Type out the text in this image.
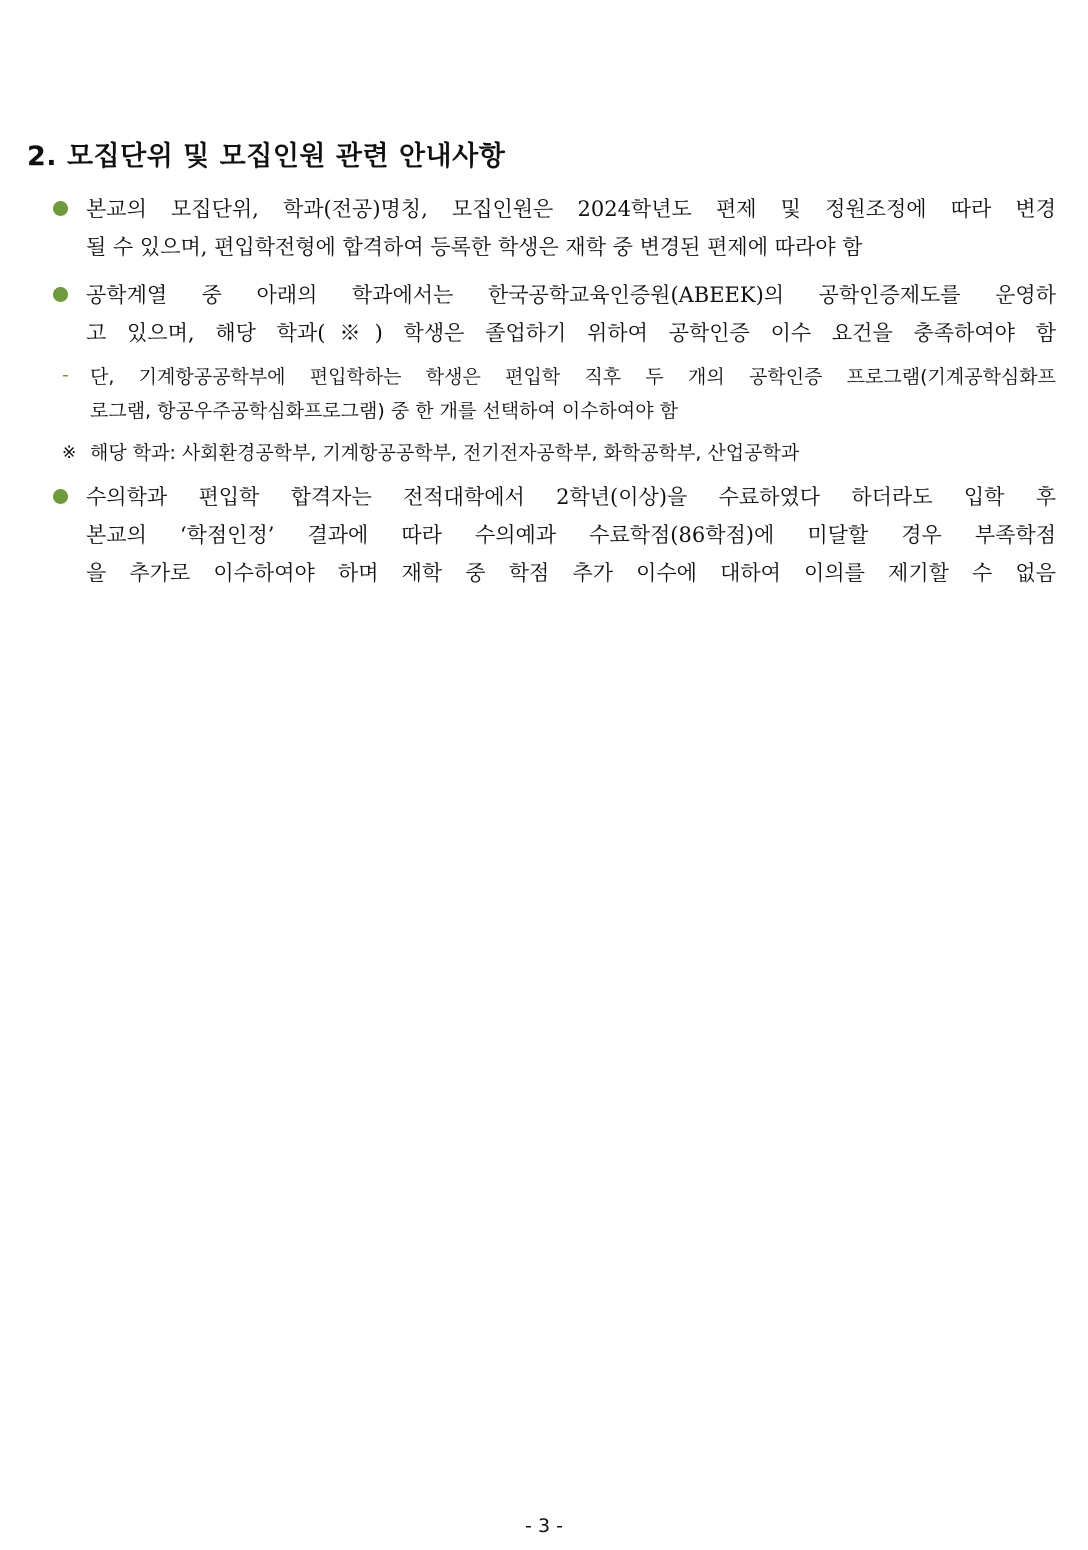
2. 모집단위 및 모집인원 관련 안내사항
본교의 모집단위, 학과(전공)명칭, 모집인원은 2024학년도 편제 및 정원조정에 따라 변경
될 수 있으며, 편입학전형에 합격하여 등록한 학생은 재학 중 변경된 편제에 따라야 함
공학계열 중 아래의 학과에서는 한국공학교육인증원(ABEEK)의 공학인증제도를 운영하
고 있으며, 해당 학과(※) 학생은 졸업하기 위하여 공학인증 이수 요건을 충족하여야 함
- 단, 기계항공공학부에 편입학하는 학생은 편입학 직후 두 개의 공학인증 프로그램(기계공학심화프
로그램, 항공우주공학심화프로그램) 중 한 개를 선택하여 이수하여야 함
※ 해당 학과: 사회환경공학부, 기계항공공학부, 전기전자공학부, 화학공학부, 산업공학과
수의학과 편입학 합격자는 전적대학에서 2학년(이상)을 수료하였다 하더라도 입학 후
본교의 ‘학점인정’ 결과에 따라 수의예과 수료학점(86학점)에 미달할 경우 부족학점
을 추가로 이수하여야 하며 재학 중 학점 추가 이수에 대하여 이의를 제기할 수 없음
- 3 -
